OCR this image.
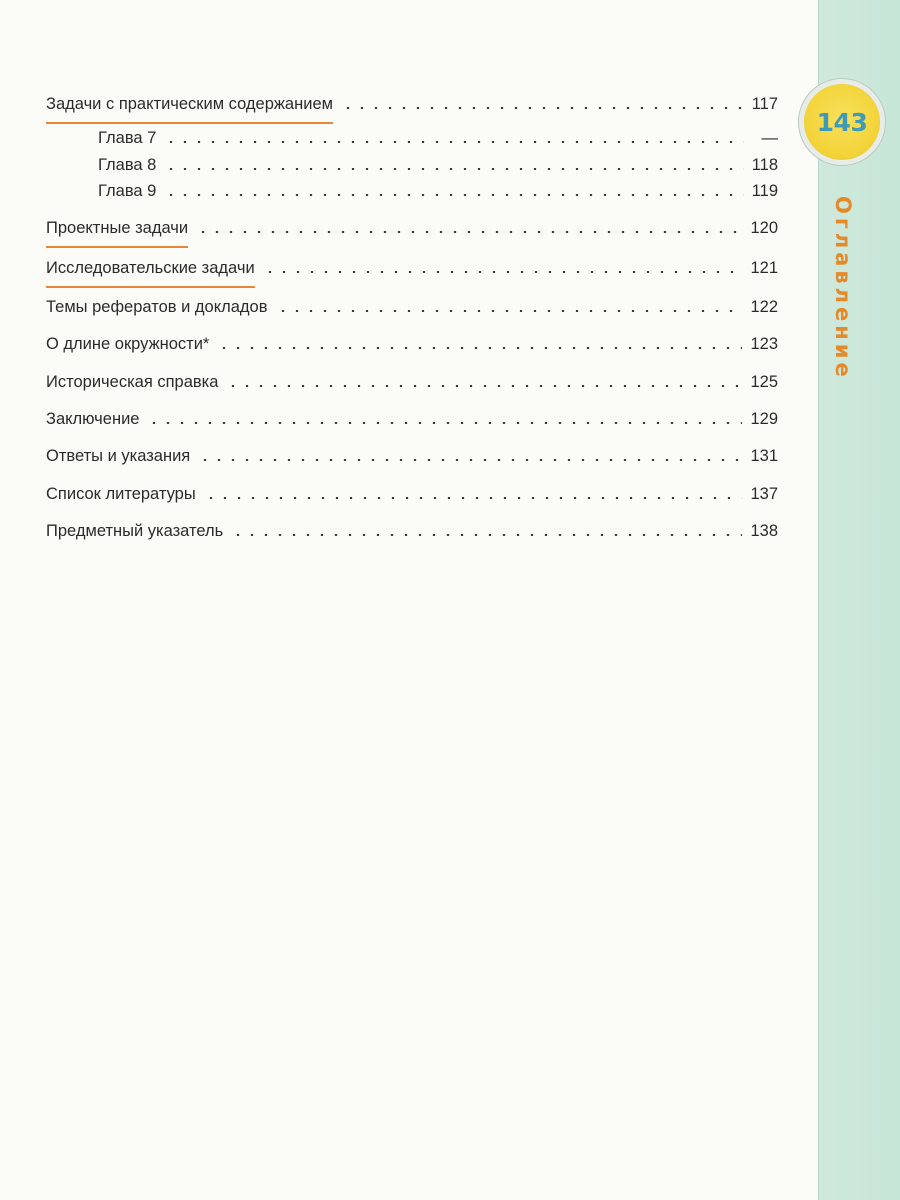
143
Оглавление
Задачи с практическим содержанием	117
Глава 7	—
Глава 8	118
Глава 9	119
Проектные задачи	120
Исследовательские задачи	121
Темы рефератов и докладов	122
О длине окружности*	123
Историческая справка	125
Заключение	129
Ответы и указания	131
Список литературы	137
Предметный указатель	138
